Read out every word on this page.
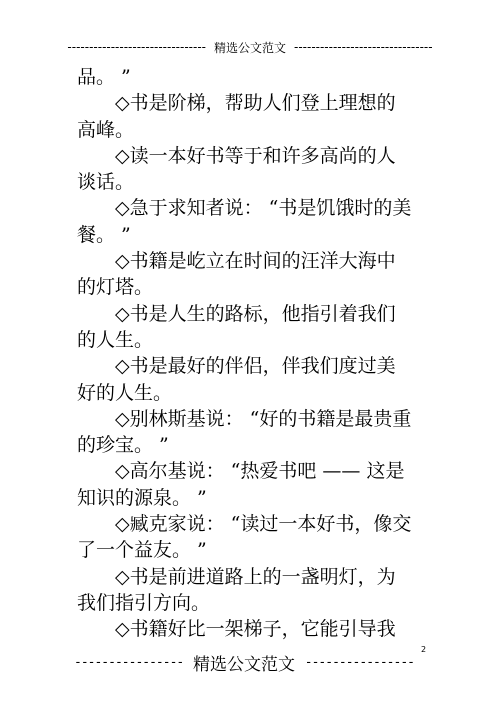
-------------------------------- 精选公文范文 --------------------------------

品。 ”

◇书是阶梯，帮助人们登上理想的高峰。

◇读一本好书等于和许多高尚的人谈话。

◇急于求知者说： “书是饥饿时的美餐。 ”

◇书籍是屹立在时间的汪洋大海中的灯塔。

◇书是人生的路标，他指引着我们的人生。

◇书是最好的伴侣，伴我们度过美好的人生。

◇别林斯基说： “好的书籍是最贵重的珍宝。 ”

◇高尔基说： “热爱书吧 —— 这是知识的源泉。 ”

◇臧克家说： “读过一本好书，像交了一个益友。 ”

◇书是前进道路上的一盏明灯，为我们指引方向。

◇书籍好比一架梯子，它能引导我

2
---------------- 精选公文范文 ----------------
